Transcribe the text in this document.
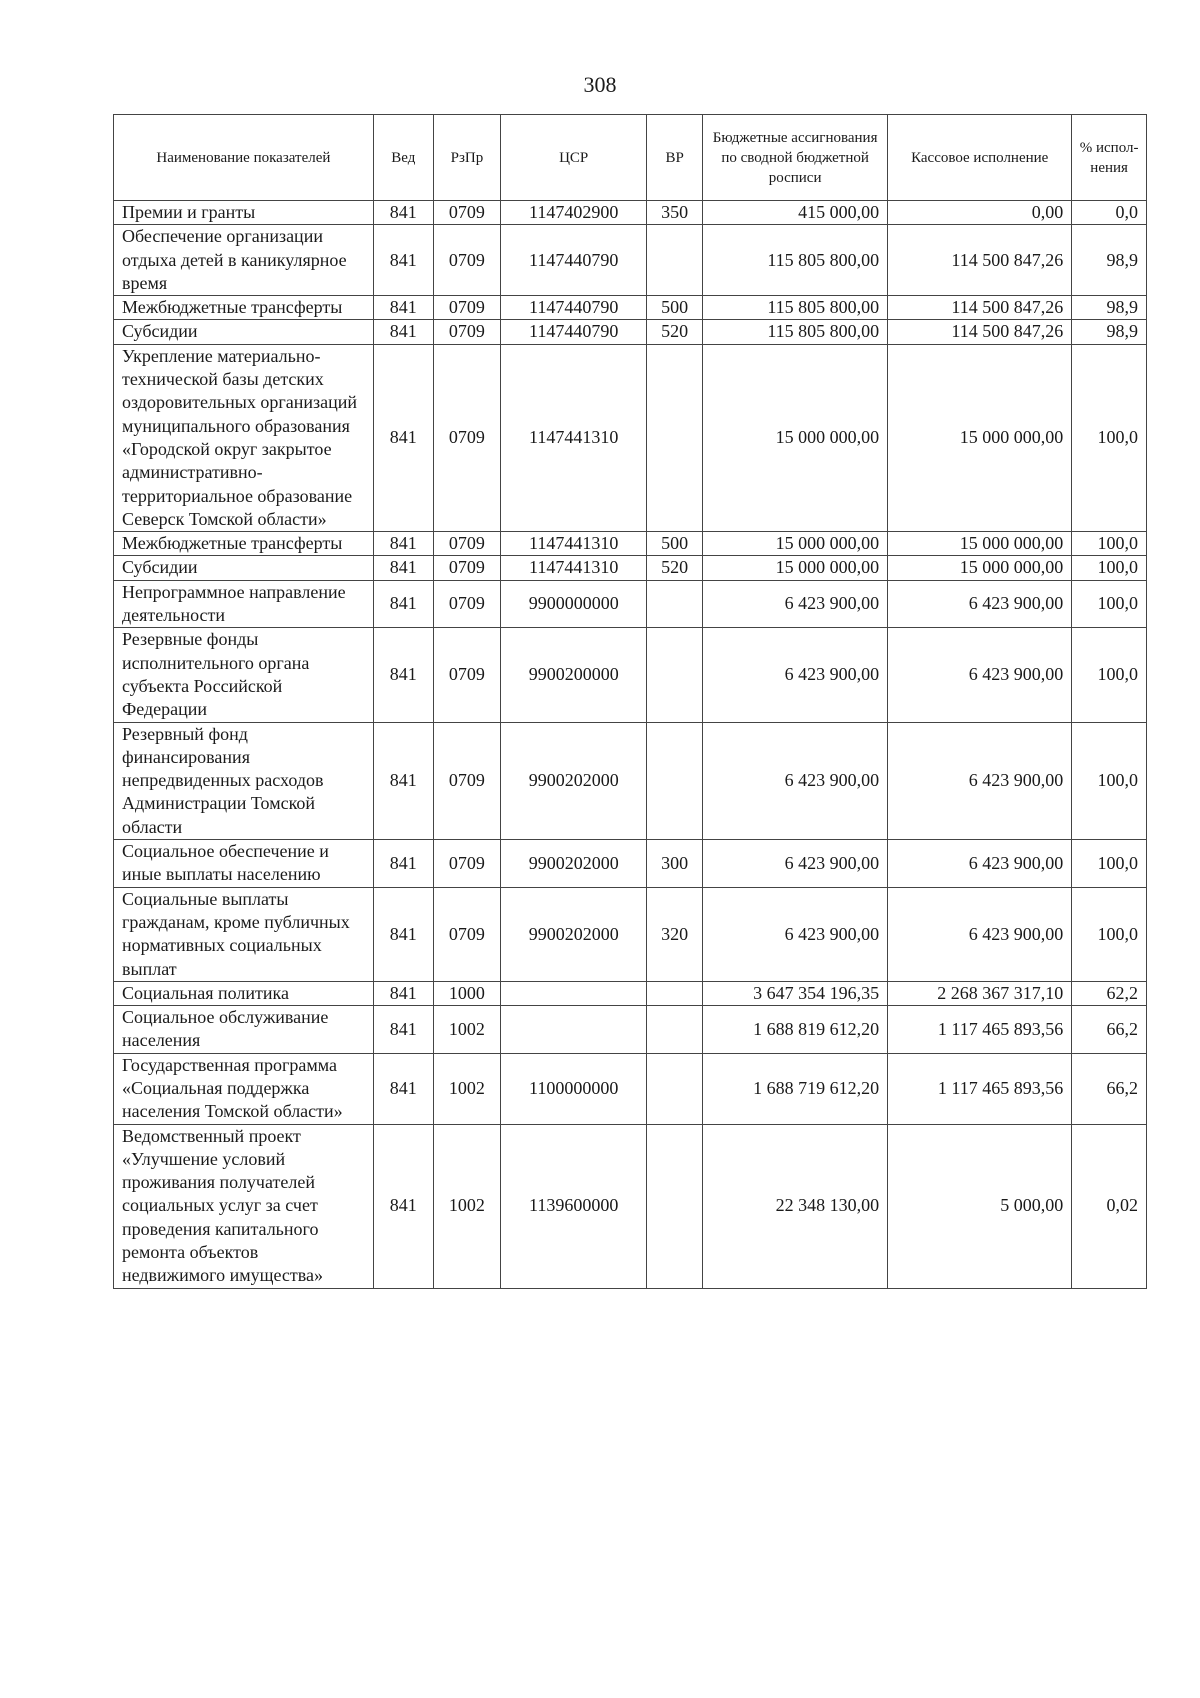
308
Наименование показателей	Вед	РзПр	ЦСР	ВР	Бюджетные ассигнования по сводной бюджетной росписи	Кассовое исполнение	% испол-нения
Премии и гранты	841	0709	1147402900	350	415 000,00	0,00	0,0
Обеспечение организации отдыха детей в каникулярное время	841	0709	1147440790		115 805 800,00	114 500 847,26	98,9
Межбюджетные трансферты	841	0709	1147440790	500	115 805 800,00	114 500 847,26	98,9
Субсидии	841	0709	1147440790	520	115 805 800,00	114 500 847,26	98,9
Укрепление материально-технической базы детских оздоровительных организаций муниципального образования «Городской округ закрытое административно-территориальное образование Северск Томской области»	841	0709	1147441310		15 000 000,00	15 000 000,00	100,0
Межбюджетные трансферты	841	0709	1147441310	500	15 000 000,00	15 000 000,00	100,0
Субсидии	841	0709	1147441310	520	15 000 000,00	15 000 000,00	100,0
Непрограммное направление деятельности	841	0709	9900000000		6 423 900,00	6 423 900,00	100,0
Резервные фонды исполнительного органа субъекта Российской Федерации	841	0709	9900200000		6 423 900,00	6 423 900,00	100,0
Резервный фонд финансирования непредвиденных расходов Администрации Томской области	841	0709	9900202000		6 423 900,00	6 423 900,00	100,0
Социальное обеспечение и иные выплаты населению	841	0709	9900202000	300	6 423 900,00	6 423 900,00	100,0
Социальные выплаты гражданам, кроме публичных нормативных социальных выплат	841	0709	9900202000	320	6 423 900,00	6 423 900,00	100,0
Социальная политика	841	1000			3 647 354 196,35	2 268 367 317,10	62,2
Социальное обслуживание населения	841	1002			1 688 819 612,20	1 117 465 893,56	66,2
Государственная программа «Социальная поддержка населения Томской области»	841	1002	1100000000		1 688 719 612,20	1 117 465 893,56	66,2
Ведомственный проект «Улучшение условий проживания получателей социальных услуг за счет проведения капитального ремонта объектов недвижимого имущества»	841	1002	1139600000		22 348 130,00	5 000,00	0,02
